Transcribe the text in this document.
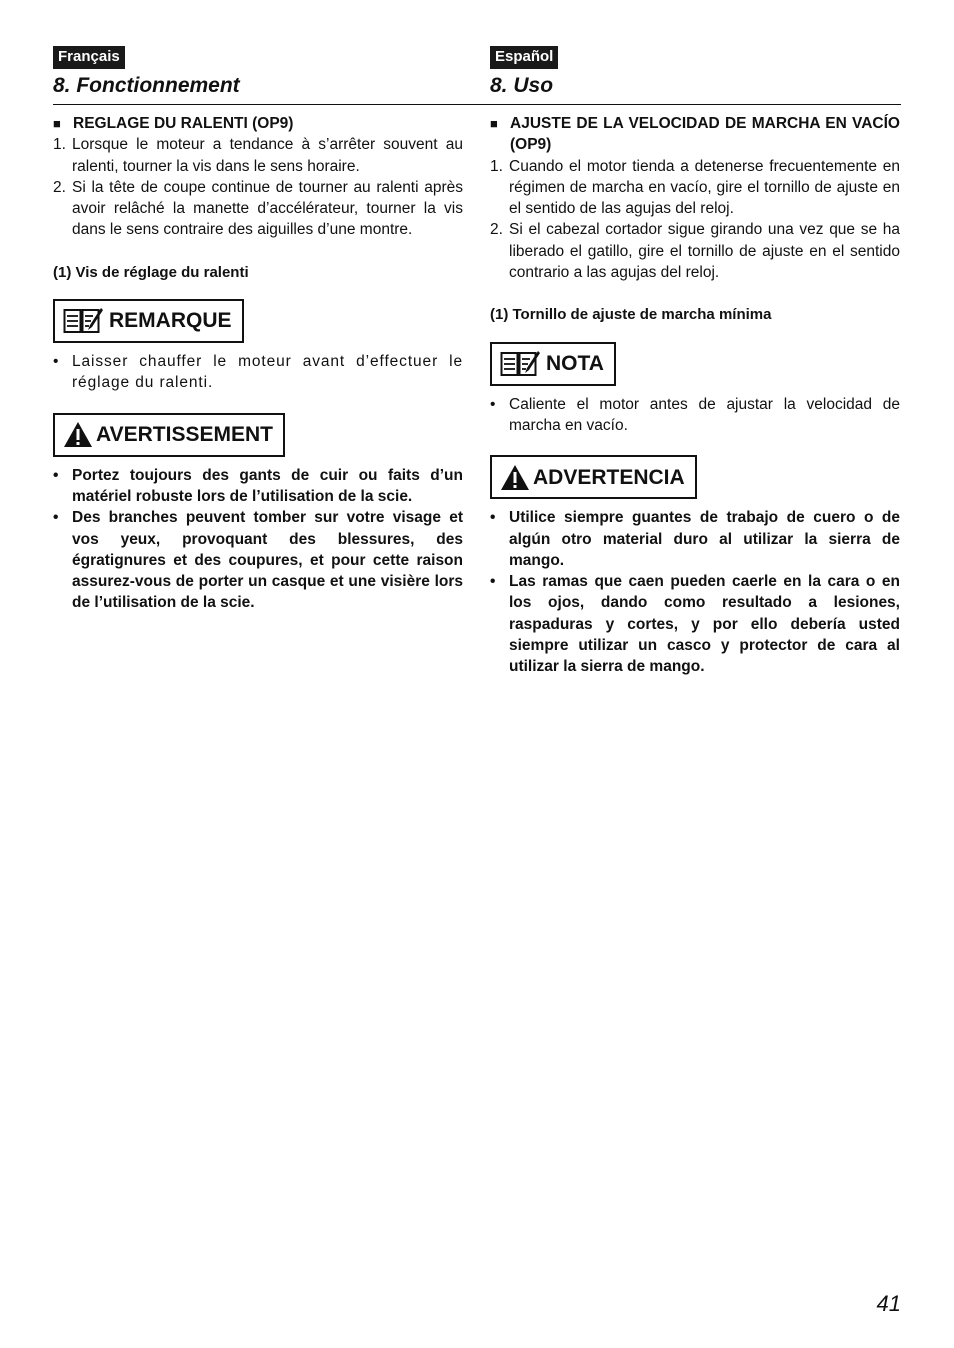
Français
8. Fonctionnement
■ REGLAGE DU RALENTI (OP9)
1. Lorsque le moteur a tendance à s’arrêter souvent au ralenti, tourner la vis dans le sens horaire.
2. Si la tête de coupe continue de tourner au ralenti après avoir relâché la manette d’accélérateur, tourner la vis dans le sens contraire des aiguilles d’une montre.
(1) Vis de réglage du ralenti
REMARQUE
• Laisser chauffer le moteur avant d’effectuer le réglage du ralenti.
AVERTISSEMENT
• Portez toujours des gants de cuir ou faits d’un matériel robuste lors de l’utilisation de la scie.
• Des branches peuvent tomber sur votre visage et vos yeux, provoquant des blessures, des égratignures et des coupures, et pour cette raison assurez-vous de porter un casque et une visière lors de l’utilisation de la scie.
Español
8. Uso
■ AJUSTE DE LA VELOCIDAD DE MARCHA EN VACÍO (OP9)
1. Cuando el motor tienda a detenerse frecuentemente en régimen de marcha en vacío, gire el tornillo de ajuste en el sentido de las agujas del reloj.
2. Si el cabezal cortador sigue girando una vez que se ha liberado el gatillo, gire el tornillo de ajuste en el sentido contrario a las agujas del reloj.
(1) Tornillo de ajuste de marcha mínima
NOTA
• Caliente el motor antes de ajustar la velocidad de marcha en vacío.
ADVERTENCIA
• Utilice siempre guantes de trabajo de cuero o de algún otro material duro al utilizar la sierra de mango.
• Las ramas que caen pueden caerle en la cara o en los ojos, dando como resultado a lesiones, raspaduras y cortes, y por ello debería usted siempre utilizar un casco y protector de cara al utilizar la sierra de mango.
41
